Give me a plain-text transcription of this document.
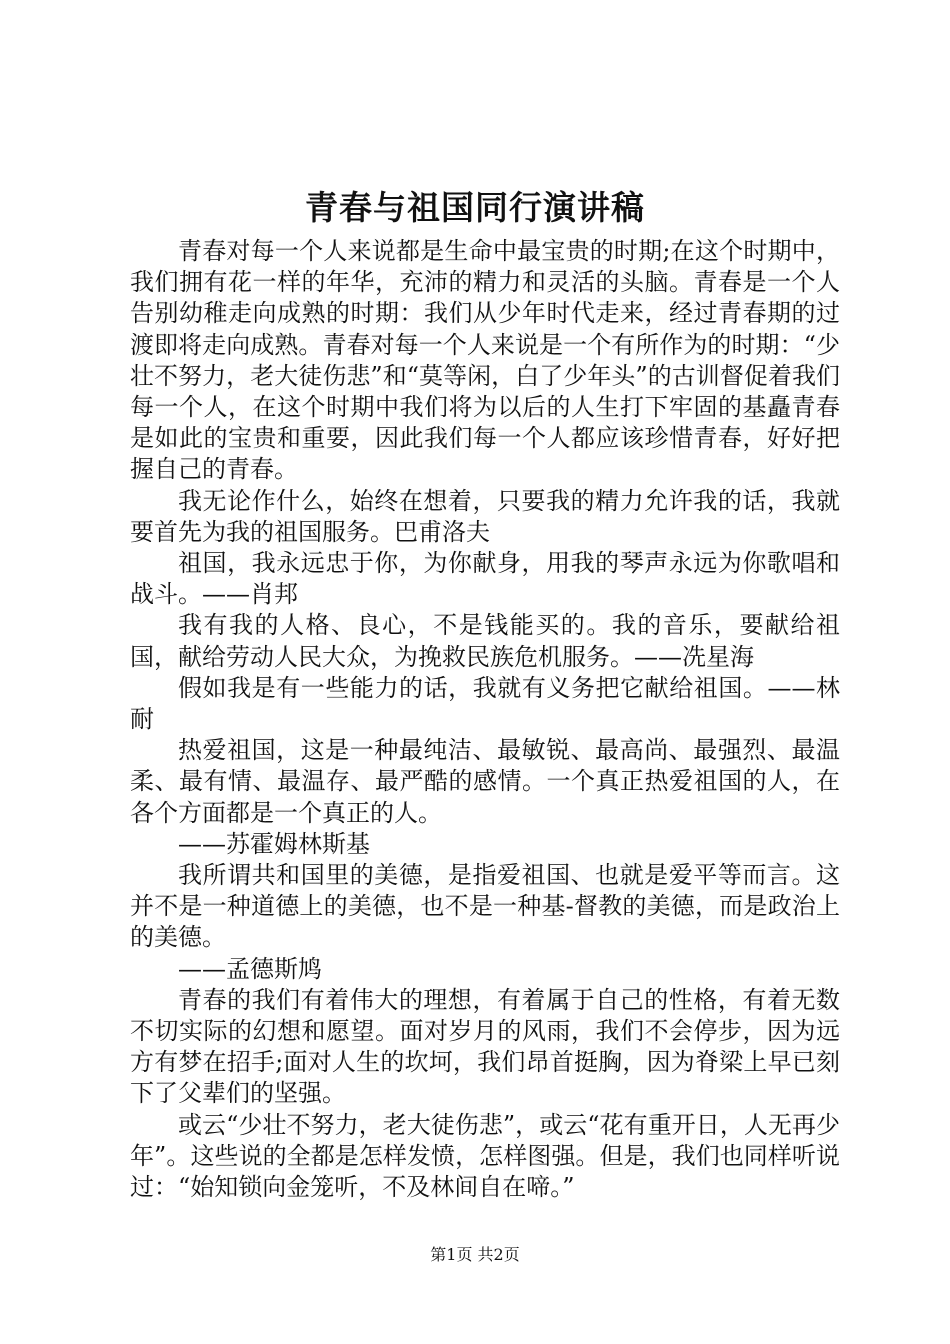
青春与祖国同行演讲稿

青春对每一个人来说都是生命中最宝贵的时期;在这个时期中，我们拥有花一样的年华，充沛的精力和灵活的头脑。青春是一个人告别幼稚走向成熟的时期：我们从少年时代走来，经过青春期的过渡即将走向成熟。青春对每一个人来说是一个有所作为的时期：“少壮不努力，老大徒伤悲”和“莫等闲，白了少年头”的古训督促着我们每一个人，在这个时期中我们将为以后的人生打下牢固的基矗青春是如此的宝贵和重要，因此我们每一个人都应该珍惜青春，好好把握自己的青春。

我无论作什么，始终在想着，只要我的精力允许我的话，我就要首先为我的祖国服务。巴甫洛夫

祖国，我永远忠于你，为你献身，用我的琴声永远为你歌唱和战斗。——肖邦

我有我的人格、良心，不是钱能买的。我的音乐，要献给祖国，献给劳动人民大众，为挽救民族危机服务。——冼星海

假如我是有一些能力的话，我就有义务把它献给祖国。——林耐

热爱祖国，这是一种最纯洁、最敏锐、最高尚、最强烈、最温柔、最有情、最温存、最严酷的感情。一个真正热爱祖国的人，在各个方面都是一个真正的人。

——苏霍姆林斯基

我所谓共和国里的美德，是指爱祖国、也就是爱平等而言。这并不是一种道德上的美德，也不是一种基-督教的美德，而是政治上的美德。

——孟德斯鸠

青春的我们有着伟大的理想，有着属于自己的性格，有着无数不切实际的幻想和愿望。面对岁月的风雨，我们不会停步，因为远方有梦在招手;面对人生的坎坷，我们昂首挺胸，因为脊梁上早已刻下了父辈们的坚强。

或云“少壮不努力，老大徒伤悲”，或云“花有重开日，人无再少年”。这些说的全都是怎样发愤，怎样图强。但是，我们也同样听说过：“始知锁向金笼听，不及林间自在啼。”

第1页 共2页
